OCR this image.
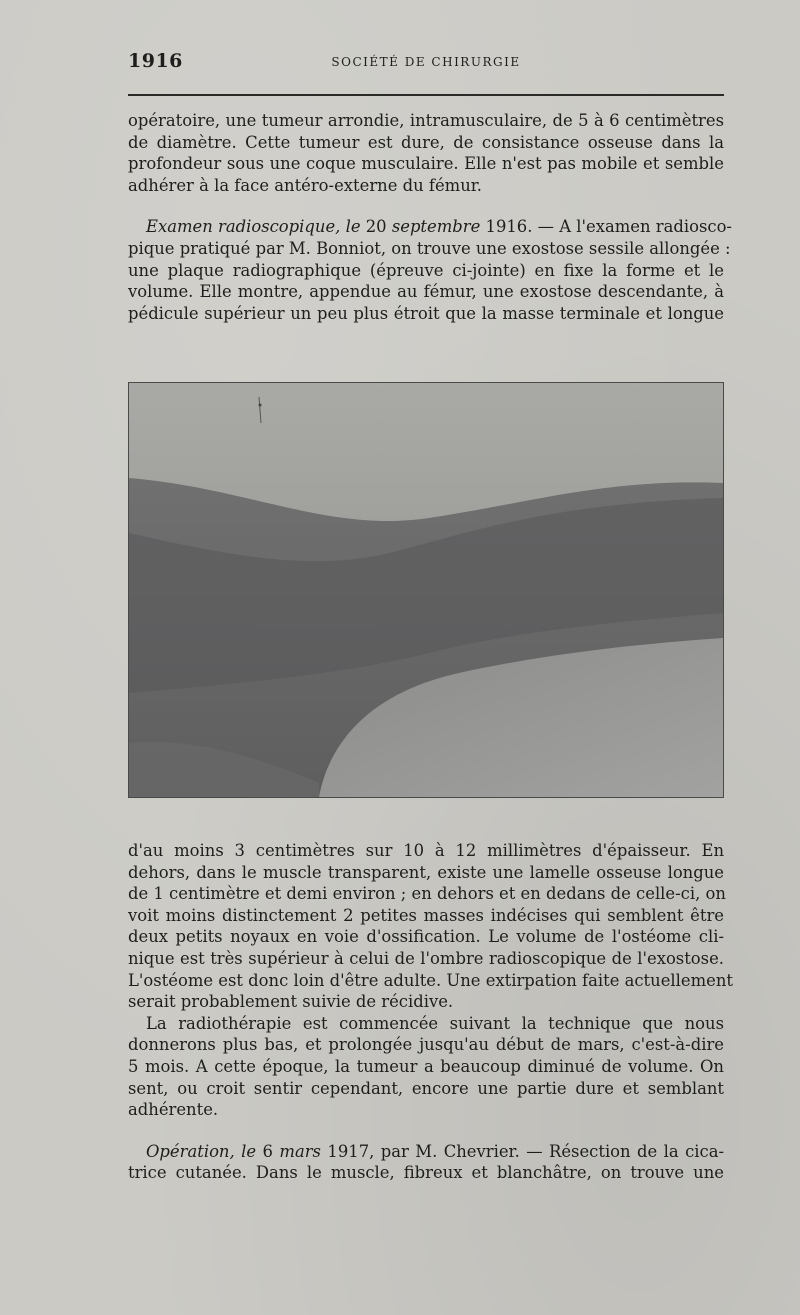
1916	SOCIÉTÉ DE CHIRURGIE

opératoire, une tumeur arrondie, intramusculaire, de 5 à 6 centimètres
de diamètre. Cette tumeur est dure, de consistance osseuse dans la
profondeur sous une coque musculaire. Elle n'est pas mobile et semble
adhérer à la face antéro-externe du fémur.

Examen radioscopique, le 20 septembre 1916. — A l'examen radiosco-
pique pratiqué par M. Bonniot, on trouve une exostose sessile allongée :
une plaque radiographique (épreuve ci-jointe) en fixe la forme et le
volume. Elle montre, appendue au fémur, une exostose descendante, à
pédicule supérieur un peu plus étroit que la masse terminale et longue

d'au moins 3 centimètres sur 10 à 12 millimètres d'épaisseur. En
dehors, dans le muscle transparent, existe une lamelle osseuse longue
de 1 centimètre et demi environ ; en dehors et en dedans de celle-ci, on
voit moins distinctement 2 petites masses indécises qui semblent être
deux petits noyaux en voie d'ossification. Le volume de l'ostéome cli-
nique est très supérieur à celui de l'ombre radioscopique de l'exostose.
L'ostéome est donc loin d'être adulte. Une extirpation faite actuellement
serait probablement suivie de récidive.

La radiothérapie est commencée suivant la technique que nous
donnerons plus bas, et prolongée jusqu'au début de mars, c'est-à-dire
5 mois. A cette époque, la tumeur a beaucoup diminué de volume. On
sent, ou croit sentir cependant, encore une partie dure et semblant
adhérente.

Opération, le 6 mars 1917, par M. Chevrier. — Résection de la cica-
trice cutanée. Dans le muscle, fibreux et blanchâtre, on trouve une
